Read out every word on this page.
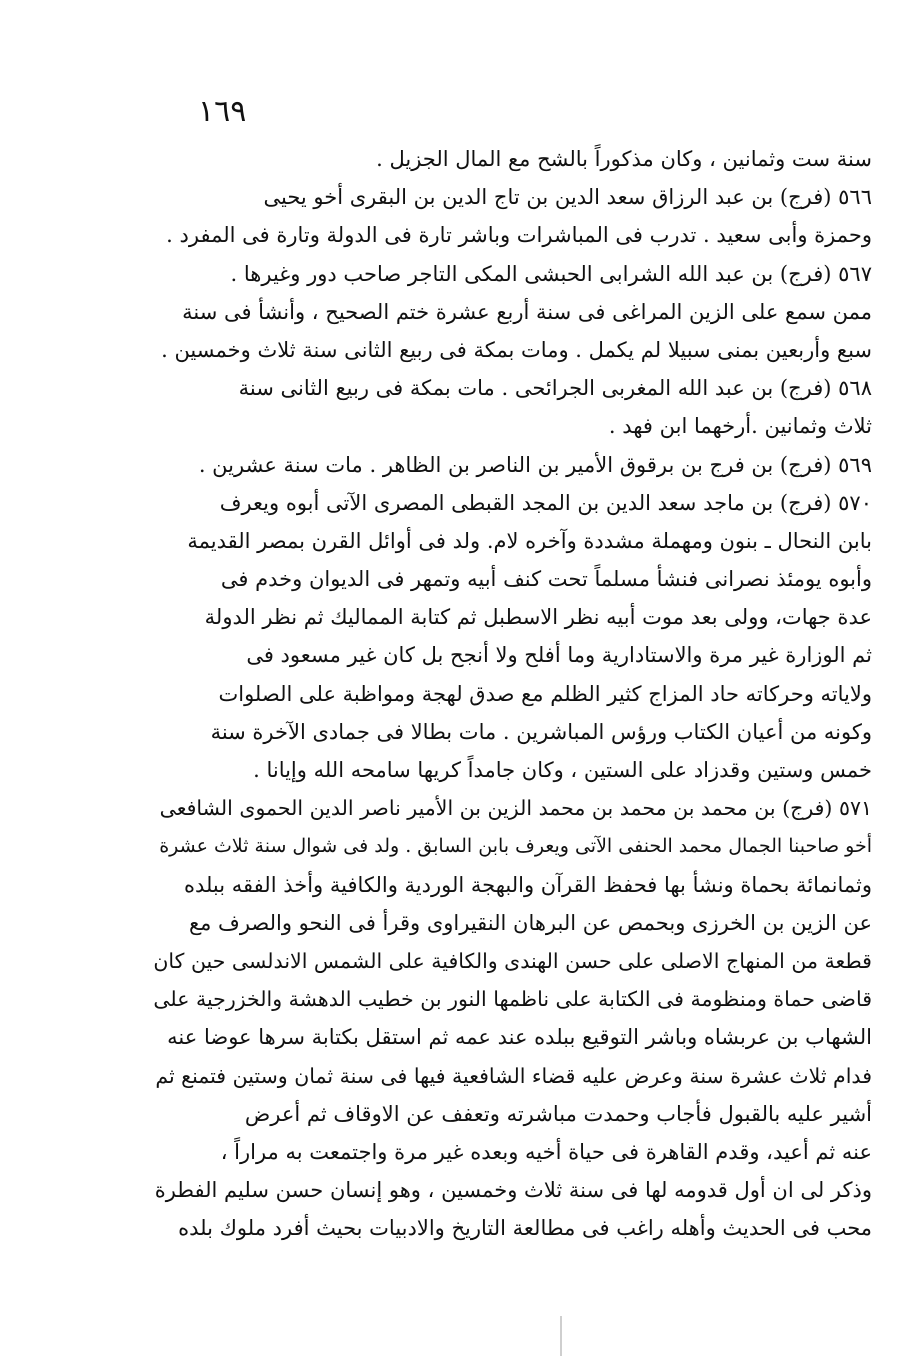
١٦٩
سنة ست وثمانين ، وكان مذكوراً بالشح مع المال الجزيل .
٥٦٦ (فرج) بن عبد الرزاق سعد الدين بن تاج الدين بن البقرى أخو يحيى
وحمزة وأبى سعيد . تدرب فى المباشرات وباشر تارة فى الدولة وتارة فى المفرد .
٥٦٧ (فرج) بن عبد الله الشرابى الحبشى المكى التاجر صاحب دور وغيرها .
ممن سمع على الزين المراغى فى سنة أربع عشرة ختم الصحيح ، وأنشأ فى سنة
سبع وأربعين بمنى سبيلا لم يكمل . ومات بمكة فى ربيع الثانى سنة ثلاث وخمسين .
٥٦٨ (فرج) بن عبد الله المغربى الجرائحى . مات بمكة فى ربيع الثانى سنة
ثلاث وثمانين .أرخهما ابن فهد .
٥٦٩ (فرج) بن فرج بن برقوق الأمير بن الناصر بن الظاهر . مات سنة عشرين .
٥٧٠ (فرج) بن ماجد سعد الدين بن المجد القبطى المصرى الآتى أبوه ويعرف
بابن النحال ـ بنون ومهملة مشددة وآخره لام. ولد فى أوائل القرن بمصر القديمة
وأبوه يومئذ نصرانى فنشأ مسلماً تحت كنف أبيه وتمهر فى الديوان وخدم فى
عدة جهات، وولى بعد موت أبيه نظر الاسطبل ثم كتابة المماليك ثم نظر الدولة
ثم الوزارة غير مرة والاستادارية وما أفلح ولا أنجح بل كان غير مسعود فى
ولاياته وحركاته حاد المزاج كثير الظلم مع صدق لهجة ومواظبة على الصلوات
وكونه من أعيان الكتاب ورؤس المباشرين . مات بطالا فى جمادى الآخرة سنة
خمس وستين وقدزاد على الستين ، وكان جامداً كريها سامحه الله وإيانا .
٥٧١ (فرج) بن محمد بن محمد بن محمد الزين بن الأمير ناصر الدين الحموى الشافعى
أخو صاحبنا الجمال محمد الحنفى الآتى ويعرف بابن السابق . ولد فى شوال سنة ثلاث عشرة
وثمانمائة بحماة ونشأ بها فحفظ القرآن والبهجة الوردية والكافية وأخذ الفقه ببلده
عن الزين بن الخرزى وبحمص عن البرهان النقيراوى وقرأ فى النحو والصرف مع
قطعة من المنهاج الاصلى على حسن الهندى والكافية على الشمس الاندلسى حين كان
قاضى حماة ومنظومة فى الكتابة على ناظمها النور بن خطيب الدهشة والخزرجية على
الشهاب بن عربشاه وباشر التوقيع ببلده عند عمه ثم استقل بكتابة سرها عوضا عنه
فدام ثلاث عشرة سنة وعرض عليه قضاء الشافعية فيها فى سنة ثمان وستين فتمنع ثم
أشير عليه بالقبول فأجاب وحمدت مباشرته وتعفف عن الاوقاف ثم أعرض
عنه ثم أعيد، وقدم القاهرة فى حياة أخيه وبعده غير مرة واجتمعت به مراراً ،
وذكر لى ان أول قدومه لها فى سنة ثلاث وخمسين ، وهو إنسان حسن سليم الفطرة
محب فى الحديث وأهله راغب فى مطالعة التاريخ والادبيات بحيث أفرد ملوك بلده
